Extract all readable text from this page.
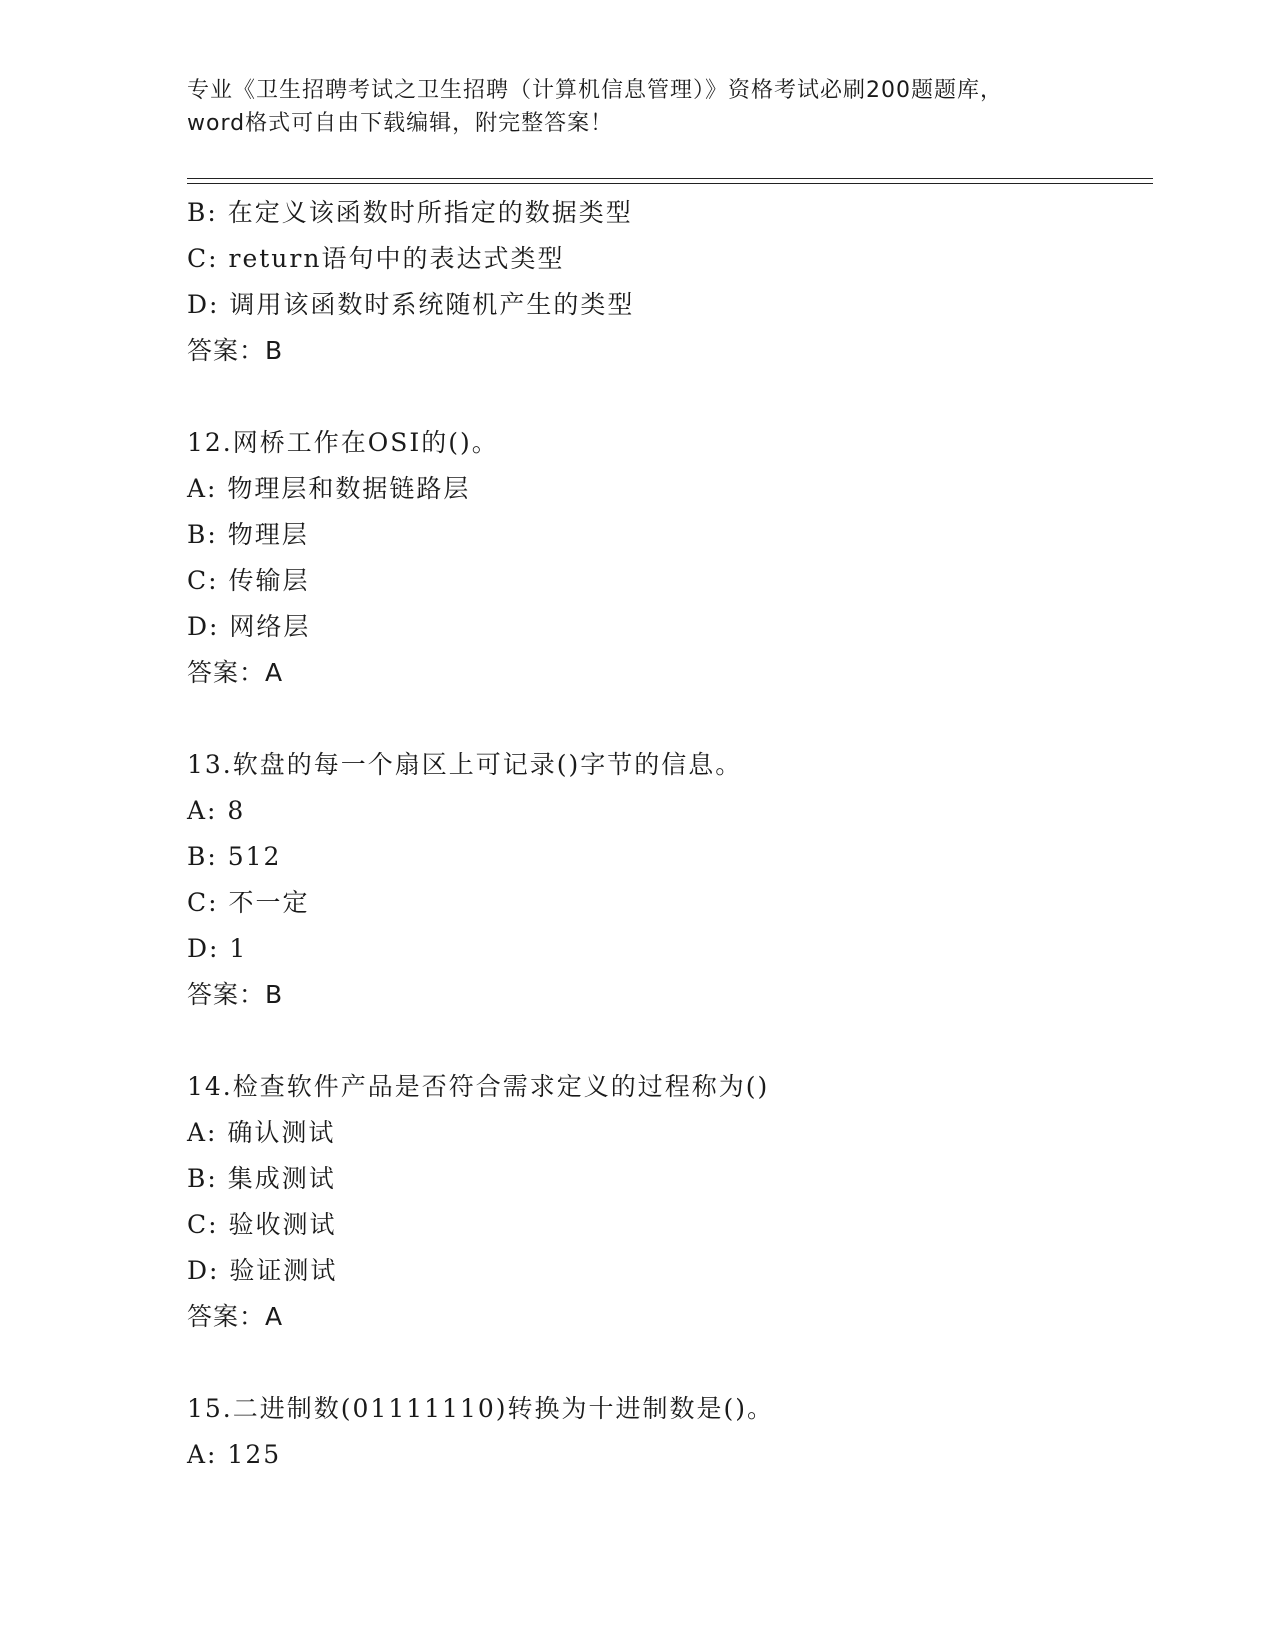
专业《卫生招聘考试之卫生招聘（计算机信息管理）》资格考试必刷200题题库，
word格式可自由下载编辑，附完整答案！
B: 在定义该函数时所指定的数据类型
C: return语句中的表达式类型
D: 调用该函数时系统随机产生的类型
答案：B
12.网桥工作在OSI的()。
A: 物理层和数据链路层
B: 物理层
C: 传输层
D: 网络层
答案：A
13.软盘的每一个扇区上可记录()字节的信息。
A: 8
B: 512
C: 不一定
D: 1
答案：B
14.检查软件产品是否符合需求定义的过程称为()
A: 确认测试
B: 集成测试
C: 验收测试
D: 验证测试
答案：A
15.二进制数(01111110)转换为十进制数是()。
A: 125
